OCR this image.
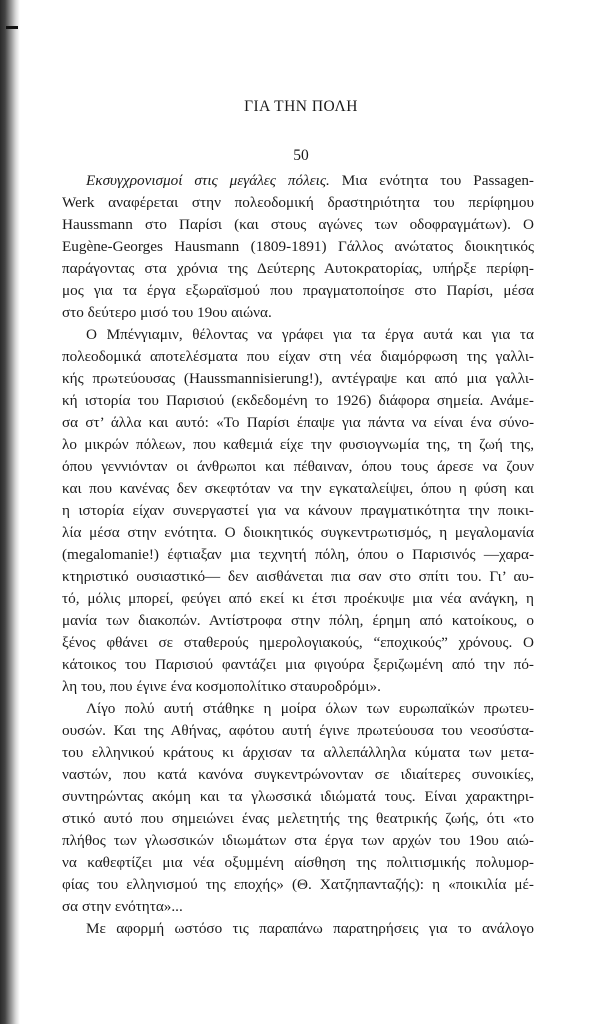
ΓΙΑ ΤΗΝ ΠΟΛΗ
50
Εκσυγχρονισμοί στις μεγάλες πόλεις. Μια ενότητα του Passagen-
Werk αναφέρεται στην πολεοδομική δραστηριότητα του περίφημου
Haussmann στο Παρίσι (και στους αγώνες των οδοφραγμάτων). Ο
Eugène-Georges Hausmann (1809-1891) Γάλλος ανώτατος διοικητικός
παράγοντας στα χρόνια της Δεύτερης Αυτοκρατορίας, υπήρξε περίφη-
μος για τα έργα εξωραϊσμού που πραγματοποίησε στο Παρίσι, μέσα
στο δεύτερο μισό του 19ου αιώνα.
Ο Μπένγιαμιν, θέλοντας να γράφει για τα έργα αυτά και για τα
πολεοδομικά αποτελέσματα που είχαν στη νέα διαμόρφωση της γαλλι-
κής πρωτεύουσας (Haussmannisierung!), αντέγραψε και από μια γαλλι-
κή ιστορία του Παρισιού (εκδεδομένη το 1926) διάφορα σημεία. Ανάμε-
σα στ’ άλλα και αυτό: «Το Παρίσι έπαψε για πάντα να είναι ένα σύνο-
λο μικρών πόλεων, που καθεμιά είχε την φυσιογνωμία της, τη ζωή της,
όπου γεννιόνταν οι άνθρωποι και πέθαιναν, όπου τους άρεσε να ζουν
και που κανένας δεν σκεφτόταν να την εγκαταλείψει, όπου η φύση και
η ιστορία είχαν συνεργαστεί για να κάνουν πραγματικότητα την ποικι-
λία μέσα στην ενότητα. Ο διοικητικός συγκεντρωτισμός, η μεγαλομανία
(megalomanie!) έφτιαξαν μια τεχνητή πόλη, όπου ο Παρισινός —χαρα-
κτηριστικό ουσιαστικό— δεν αισθάνεται πια σαν στο σπίτι του. Γι’ αυ-
τό, μόλις μπορεί, φεύγει από εκεί κι έτσι προέκυψε μια νέα ανάγκη, η
μανία των διακοπών. Αντίστροφα στην πόλη, έρημη από κατοίκους, ο
ξένος φθάνει σε σταθερούς ημερολογιακούς, “εποχικούς” χρόνους. Ο
κάτοικος του Παρισιού φαντάζει μια φιγούρα ξεριζωμένη από την πό-
λη του, που έγινε ένα κοσμοπολίτικο σταυροδρόμι».
Λίγο πολύ αυτή στάθηκε η μοίρα όλων των ευρωπαϊκών πρωτευ-
ουσών. Και της Αθήνας, αφότου αυτή έγινε πρωτεύουσα του νεοσύστα-
του ελληνικού κράτους κι άρχισαν τα αλλεπάλληλα κύματα των μετα-
ναστών, που κατά κανόνα συγκεντρώνονταν σε ιδιαίτερες συνοικίες,
συντηρώντας ακόμη και τα γλωσσικά ιδιώματά τους. Είναι χαρακτηρι-
στικό αυτό που σημειώνει ένας μελετητής της θεατρικής ζωής, ότι «το
πλήθος των γλωσσικών ιδιωμάτων στα έργα των αρχών του 19ου αιώ-
να καθεφτίζει μια νέα οξυμμένη αίσθηση της πολιτισμικής πολυμορ-
φίας του ελληνισμού της εποχής» (Θ. Χατζηπανταζής): η «ποικιλία μέ-
σα στην ενότητα»...
Με αφορμή ωστόσο τις παραπάνω παρατηρήσεις για το ανάλογο
